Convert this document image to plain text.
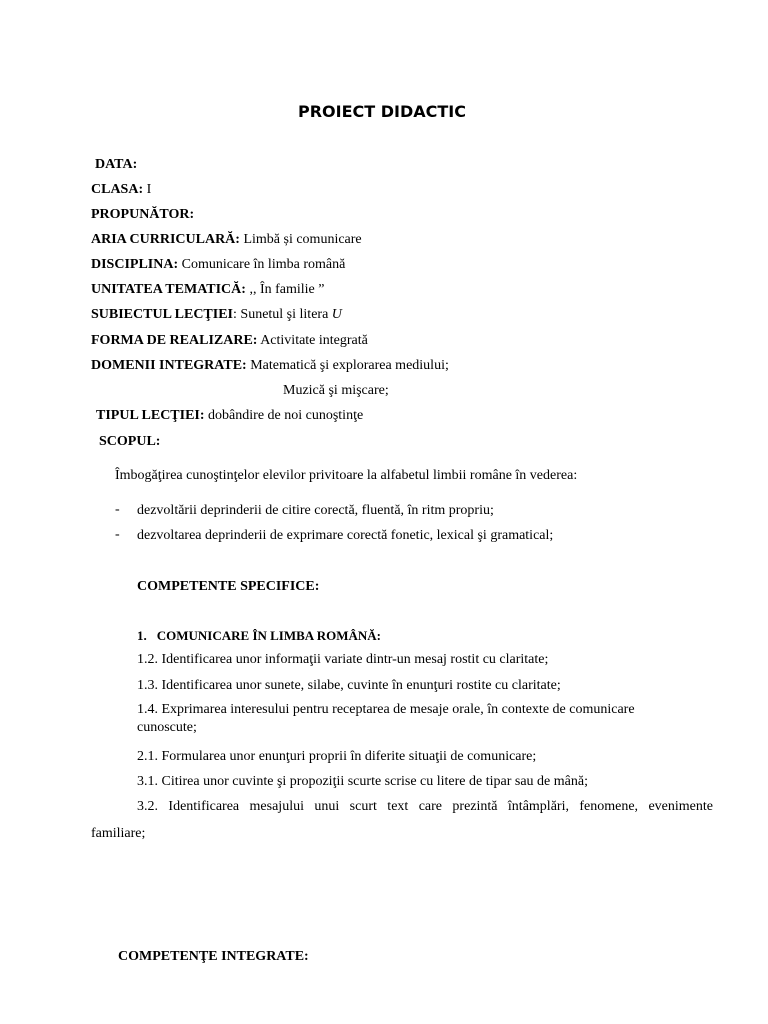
PROIECT DIDACTIC
DATA:
CLASA: I
PROPUNĂTOR:
ARIA CURRICULARĂ: Limbă și comunicare
DISCIPLINA: Comunicare în limba română
UNITATEA TEMATICĂ: ,, În familie ”
SUBIECTUL LECŢIEI: Sunetul şi litera U
FORMA DE REALIZARE: Activitate integrată
DOMENII INTEGRATE: Matematică şi explorarea mediului;
Muzică şi mişcare;
TIPUL LECŢIEI: dobândire de noi cunoştinţe
SCOPUL:
Îmbogăţirea cunoştinţelor elevilor privitoare la alfabetul limbii române în vederea:
- dezvoltării deprinderii de citire corectă, fluentă, în ritm propriu;
- dezvoltarea deprinderii de exprimare corectă fonetic, lexical şi gramatical;
COMPETENTE SPECIFICE:
1. COMUNICARE ÎN LIMBA ROMÂNĂ:
1.2. Identificarea unor informaţii variate dintr-un mesaj rostit cu claritate;
1.3. Identificarea unor sunete, silabe, cuvinte în enunţuri rostite cu claritate;
1.4. Exprimarea interesului pentru receptarea de mesaje orale, în contexte de comunicare cunoscute;
2.1. Formularea unor enunţuri proprii în diferite situaţii de comunicare;
3.1. Citirea unor cuvinte şi propoziţii scurte scrise cu litere de tipar sau de mână;
3.2. Identificarea mesajului unui scurt text care prezintă întâmplări, fenomene, evenimente
familiare;
COMPETENŢE INTEGRATE:
